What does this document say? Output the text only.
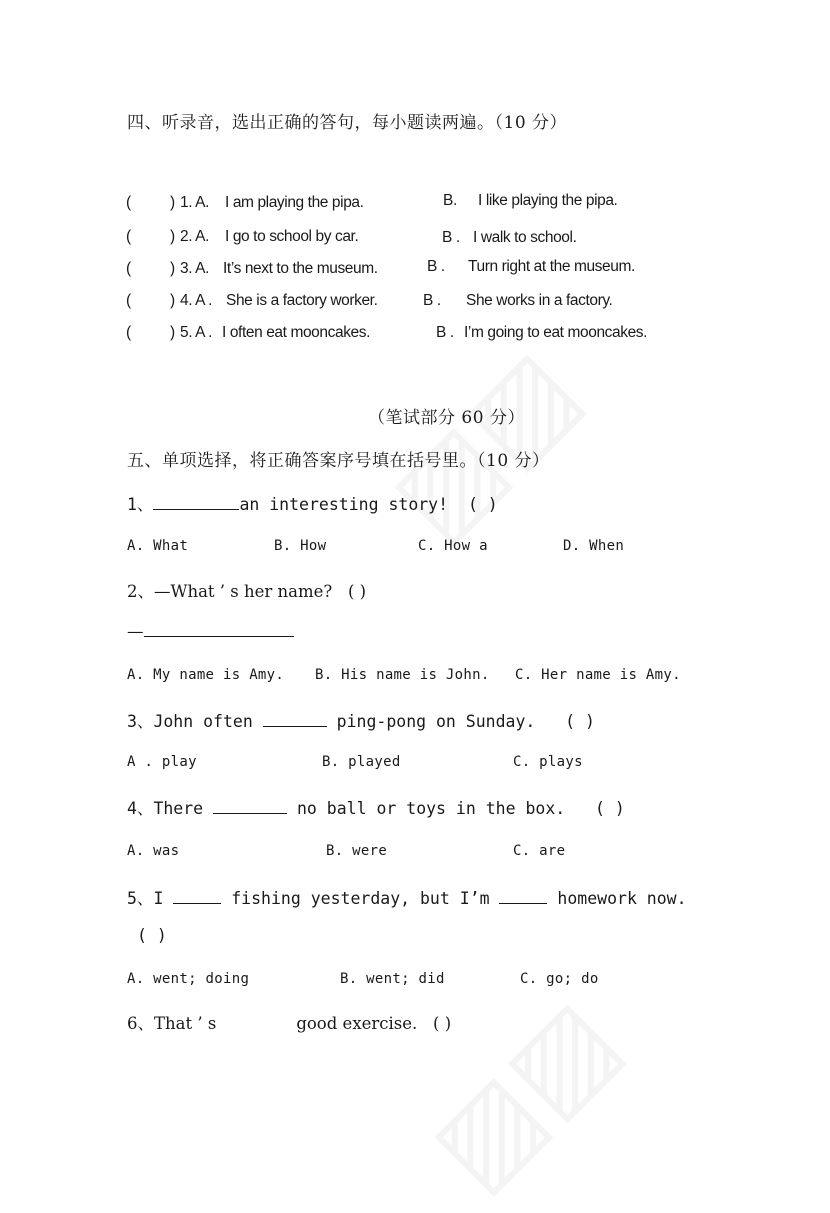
四、听录音，选出正确的答句，每小题读两遍。（10 分）
(	) 1. A. I am playing the pipa.	B. I like playing the pipa.
(	) 2. A. I go to school by car.	B . I walk to school.
(	) 3. A. It’s next to the museum.	B . Turn right at the museum.
(	) 4. A . She is a factory worker.	B . She works in a factory.
(	) 5. A . I often eat mooncakes.	B . I’m going to eat mooncakes.
（笔试部分 60 分）
五、单项选择，将正确答案序号填在括号里。（10 分）
1、	an interesting story! ( )
A. What	B. How	C. How a	D. When
2、—What ’ s her name? ( )
—
A. My name is Amy. B. His name is John. C. Her name is Amy.
3、John often	ping-pong on Sunday. ( )
A . play	B. played	C. plays
4、There	no ball or toys in the box. ( )
A. was	B. were	C. are
5、I	fishing yesterday, but I’m	homework now.
( )
A. went; doing	B. went; did	C. go; do
6、That ’ s	good exercise. ( )
